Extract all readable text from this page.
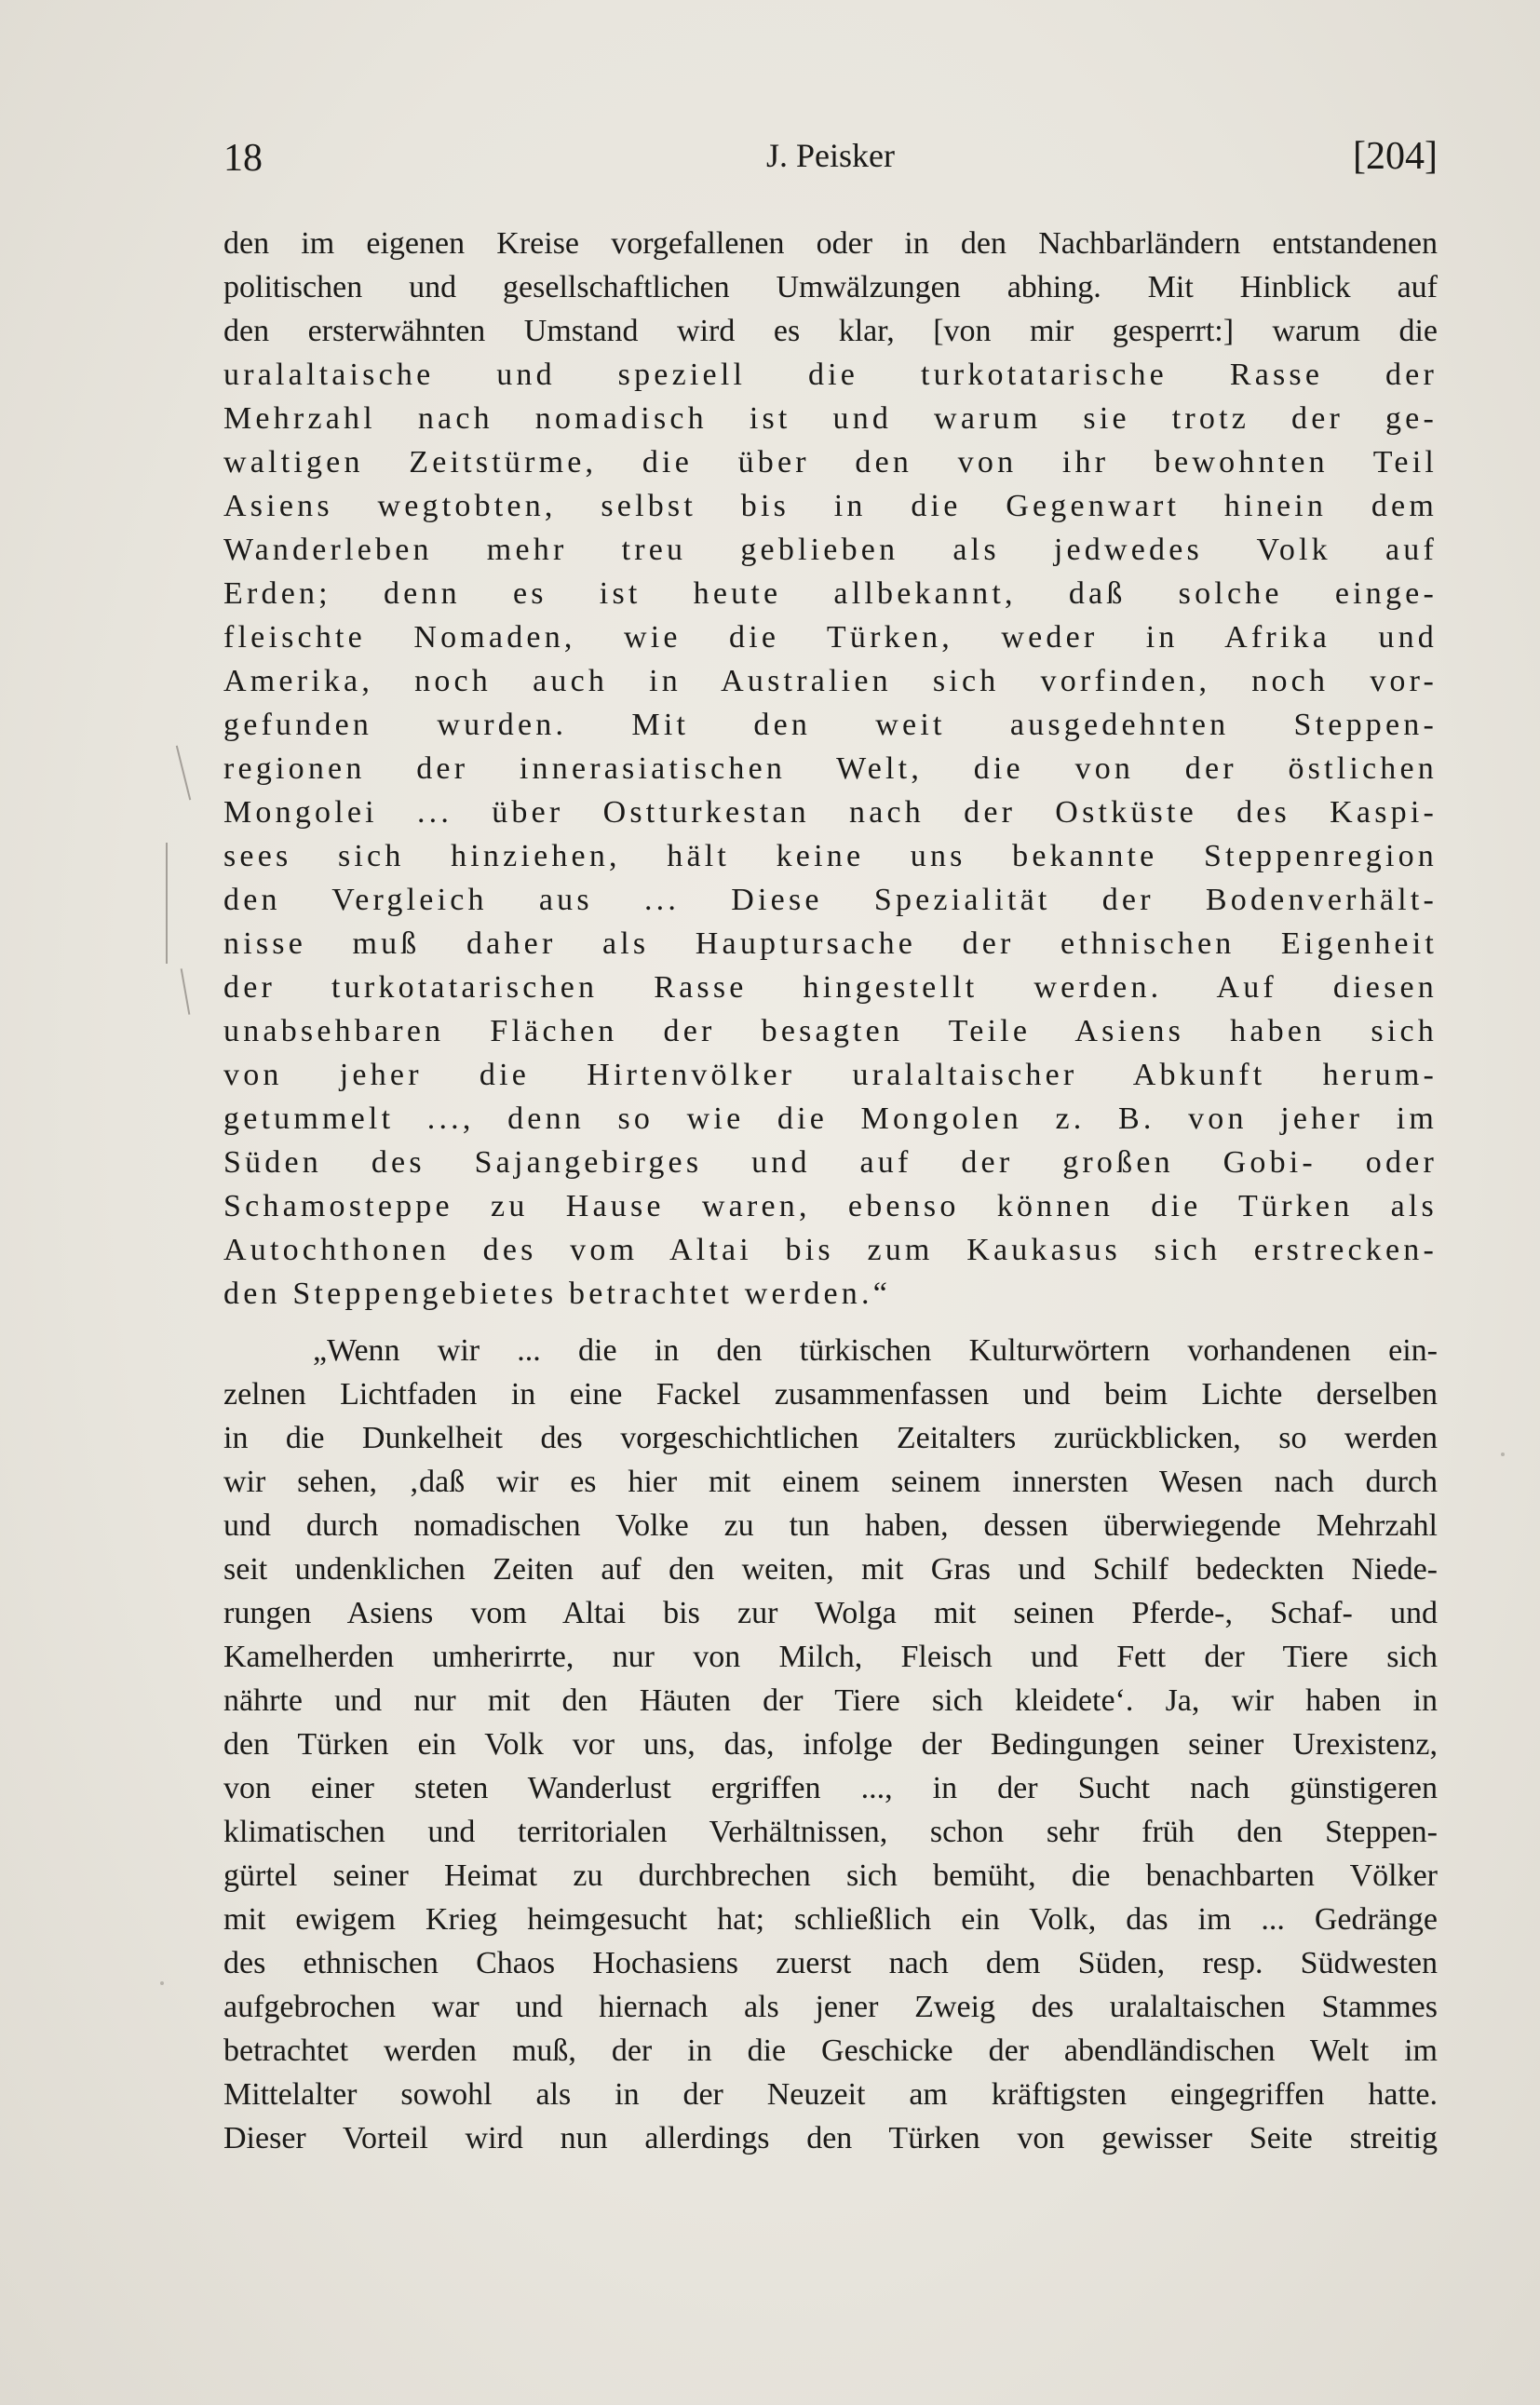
18	J. Peisker	[204]
den im eigenen Kreise vorgefallenen oder in den Nachbarländern entstandenen
politischen und gesellschaftlichen Umwälzungen abhing. Mit Hinblick auf
den ersterwähnten Umstand wird es klar, [von mir gesperrt:] warum die
uralaltaische und speziell die turkotatarische Rasse der
Mehrzahl nach nomadisch ist und warum sie trotz der ge-
waltigen Zeitstürme, die über den von ihr bewohnten Teil
Asiens wegtobten, selbst bis in die Gegenwart hinein dem
Wanderleben mehr treu geblieben als jedwedes Volk auf
Erden; denn es ist heute allbekannt, daß solche einge-
fleischte Nomaden, wie die Türken, weder in Afrika und
Amerika, noch auch in Australien sich vorfinden, noch vor-
gefunden wurden. Mit den weit ausgedehnten Steppen-
regionen der innerasiatischen Welt, die von der östlichen
Mongolei ... über Ostturkestan nach der Ostküste des Kaspi-
sees sich hinziehen, hält keine uns bekannte Steppenregion
den Vergleich aus ... Diese Spezialität der Bodenverhält-
nisse muß daher als Hauptursache der ethnischen Eigenheit
der turkotatarischen Rasse hingestellt werden. Auf diesen
unabsehbaren Flächen der besagten Teile Asiens haben sich
von jeher die Hirtenvölker uralaltaischer Abkunft herum-
getummelt ..., denn so wie die Mongolen z. B. von jeher im
Süden des Sajangebirges und auf der großen Gobi- oder
Schamosteppe zu Hause waren, ebenso können die Türken als
Autochthonen des vom Altai bis zum Kaukasus sich erstrecken-
den Steppengebietes betrachtet werden.“
„Wenn wir ... die in den türkischen Kulturwörtern vorhandenen ein-
zelnen Lichtfaden in eine Fackel zusammenfassen und beim Lichte derselben
in die Dunkelheit des vorgeschichtlichen Zeitalters zurückblicken, so werden
wir sehen, ‚daß wir es hier mit einem seinem innersten Wesen nach durch
und durch nomadischen Volke zu tun haben, dessen überwiegende Mehrzahl
seit undenklichen Zeiten auf den weiten, mit Gras und Schilf bedeckten Niede-
rungen Asiens vom Altai bis zur Wolga mit seinen Pferde-, Schaf- und
Kamelherden umherirrte, nur von Milch, Fleisch und Fett der Tiere sich
nährte und nur mit den Häuten der Tiere sich kleidete‘. Ja, wir haben in
den Türken ein Volk vor uns, das, infolge der Bedingungen seiner Urexistenz,
von einer steten Wanderlust ergriffen ..., in der Sucht nach günstigeren
klimatischen und territorialen Verhältnissen, schon sehr früh den Steppen-
gürtel seiner Heimat zu durchbrechen sich bemüht, die benachbarten Völker
mit ewigem Krieg heimgesucht hat; schließlich ein Volk, das im ... Gedränge
des ethnischen Chaos Hochasiens zuerst nach dem Süden, resp. Südwesten
aufgebrochen war und hiernach als jener Zweig des uralaltaischen Stammes
betrachtet werden muß, der in die Geschicke der abendländischen Welt im
Mittelalter sowohl als in der Neuzeit am kräftigsten eingegriffen hatte.
Dieser Vorteil wird nun allerdings den Türken von gewisser Seite streitig
